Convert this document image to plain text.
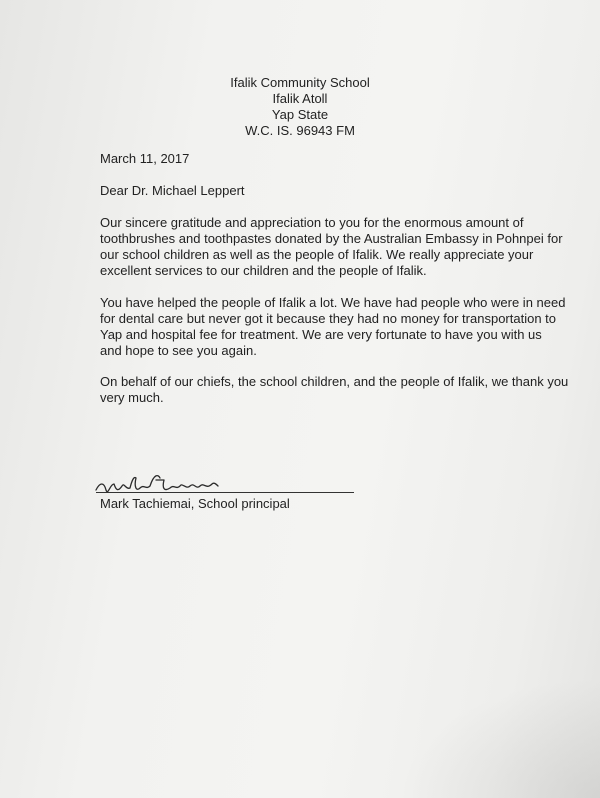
Ifalik Community School
Ifalik Atoll
Yap State
W.C. IS. 96943 FM
March 11, 2017
Dear Dr. Michael Leppert
Our sincere gratitude and appreciation to you for the enormous amount of
toothbrushes and toothpastes donated by the Australian Embassy in Pohnpei for
our school children as well as the people of Ifalik. We really appreciate your
excellent services to our children and the people of Ifalik.
You have helped the people of Ifalik a lot. We have had people who were in need
for dental care but never got it because they had no money for transportation to
Yap and hospital fee for treatment. We are very fortunate to have you with us
and hope to see you again.
On behalf of our chiefs, the school children, and the people of Ifalik, we thank you
very much.
Mark Tachiemai, School principal
